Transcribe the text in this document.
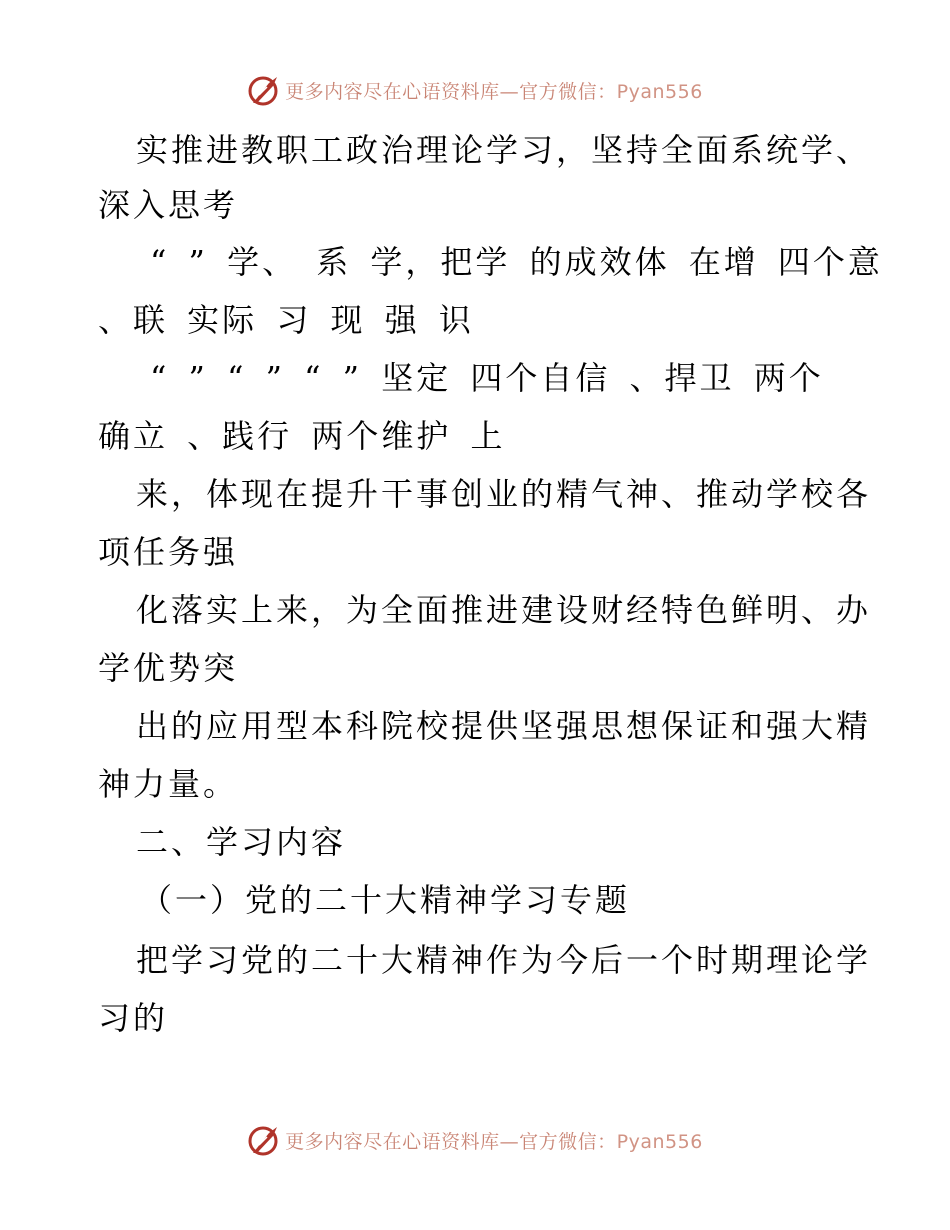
更多内容尽在心语资料库—官方微信：Pyan556
实推进教职工政治理论学习，坚持全面系统学、
深入思考
“ ” 学、 系 学，把学 的成效体 在增 四个意
、联 实际 习 现 强 识
“ ” “ ” “ ” 坚定 四个自信 、捍卫 两个
确立 、践行 两个维护 上
来，体现在提升干事创业的精气神、推动学校各
项任务强
化落实上来，为全面推进建设财经特色鲜明、办
学优势突
出的应用型本科院校提供坚强思想保证和强大精
神力量。
二、学习内容
（一）党的二十大精神学习专题
把学习党的二十大精神作为今后一个时期理论学
习的
更多内容尽在心语资料库—官方微信：Pyan556
